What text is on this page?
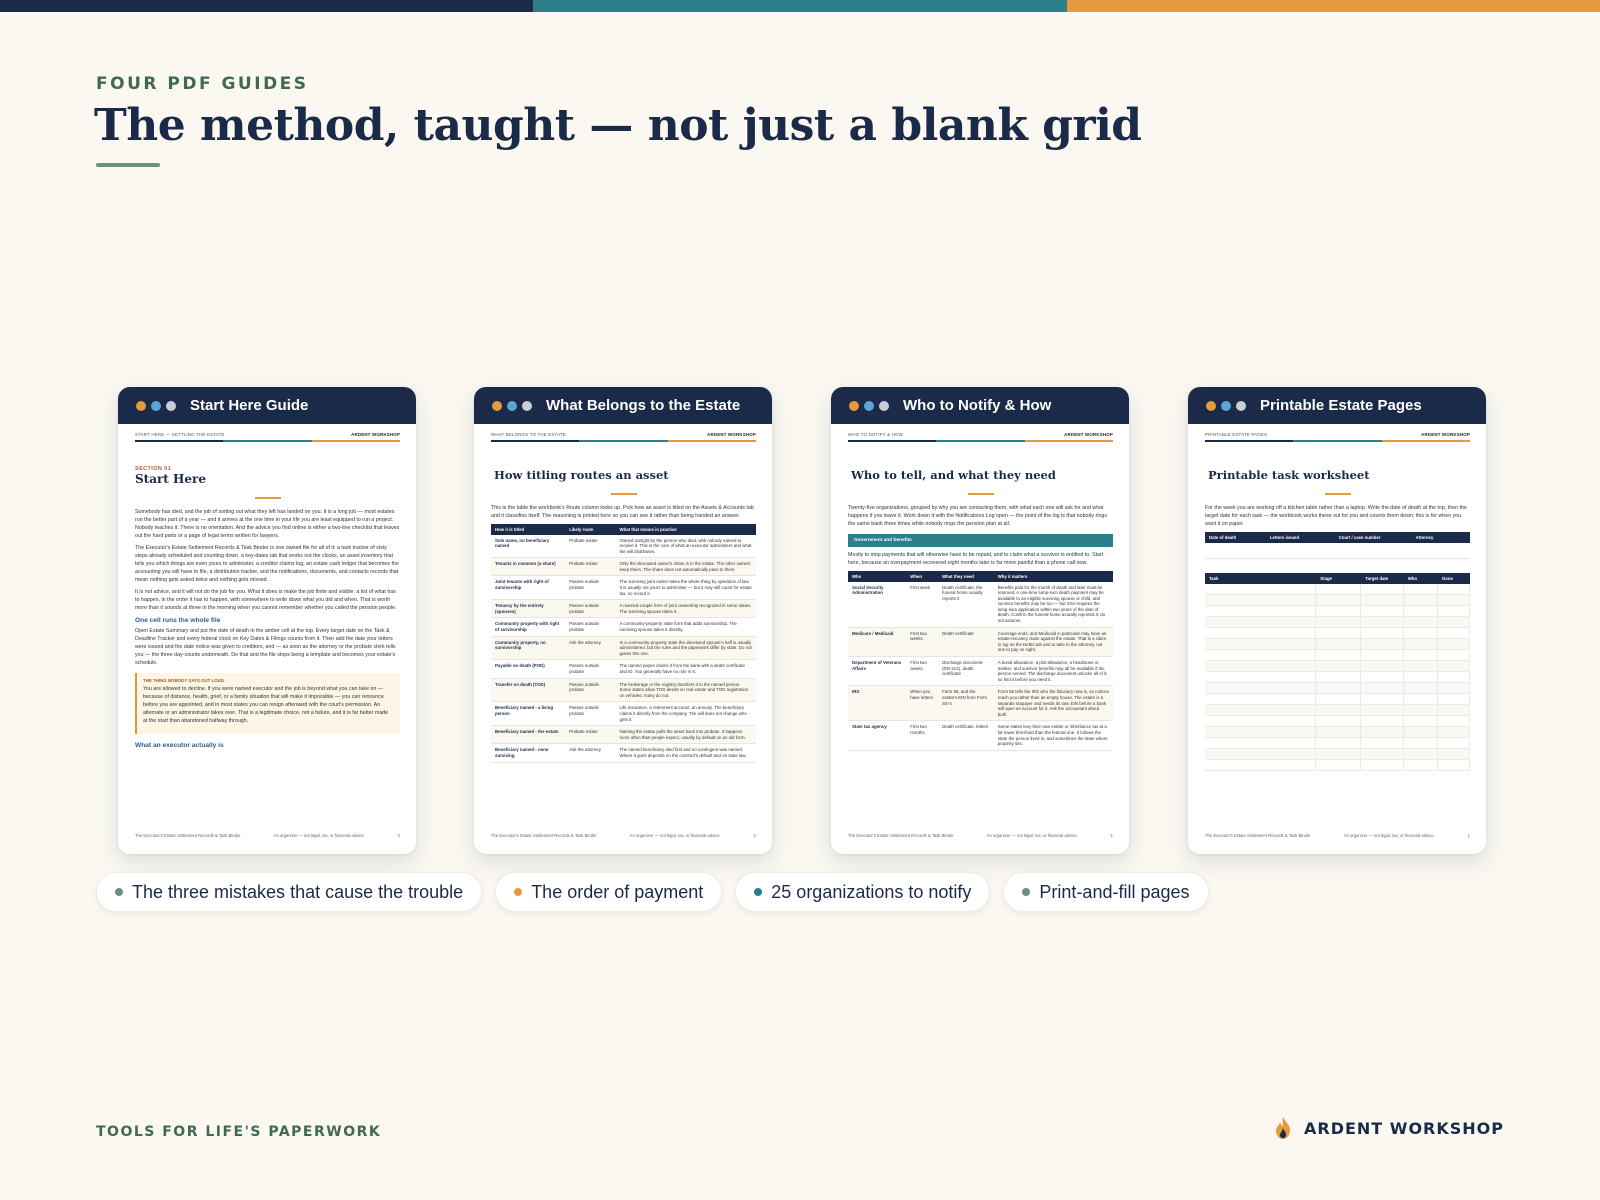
FOUR PDF GUIDES
The method, taught — not just a blank grid
Start Here Guide
START HERE — SETTLING THE ESTATE	ARDENT WORKSHOP
SECTION 01
Start Here
Somebody has died, and the job of sorting out what they left has landed on you. It is a long job — most estates run the better part of a year — and it arrives at the one time in your life you are least equipped to run a project. Nobody teaches it. There is no orientation. And the advice you find online is either a two-line checklist that leaves out the hard parts or a page of legal terms written for lawyers.
The Executor's Estate Settlement Records & Task Binder is one owned file for all of it: a task tracker of sixty steps already scheduled and counting down, a key-dates tab that works out the clocks, an asset inventory that tells you which things are even yours to administer, a creditor claims log, an estate cash ledger that becomes the accounting you will have to file, a distribution tracker, and the notifications, documents, and contacts records that mean nothing gets asked twice and nothing gets missed.
It is not advice, and it will not do the job for you. What it does is make the job finite and visible: a list of what has to happen, in the order it has to happen, with somewhere to write down what you did and when. That is worth more than it sounds at three in the morning when you cannot remember whether you called the pension people.
One cell runs the whole file
Open Estate Summary and put the date of death in the amber cell at the top. Every target date on the Task & Deadline Tracker and every federal clock on Key Dates & Filings counts from it. Then add the date your letters were issued and the date notice was given to creditors, and — as soon as the attorney or the probate clerk tells you — the three day-counts underneath. Do that and the file stops being a template and becomes your estate's schedule.
THE THING NOBODY SAYS OUT LOUD
You are allowed to decline. If you were named executor and the job is beyond what you can take on — because of distance, health, grief, or a family situation that will make it impossible — you can renounce before you are appointed, and in most states you can resign afterward with the court's permission. An alternate or an administrator takes over. That is a legitimate choice, not a failure, and it is far better made at the start than abandoned halfway through.
What an executor actually is
The Executor's Estate Settlement Records & Task Binder	An organizer — not legal, tax, or financial advice.	2
What Belongs to the Estate
WHAT BELONGS TO THE ESTATE	ARDENT WORKSHOP
How titling routes an asset
This is the table the workbook's Route column looks up. Pick how an asset is titled on the Assets & Accounts tab and it classifies itself. The reasoning is printed here so you can see it rather than being handed an answer.
How it is titled	Likely route	What that means in practice
Sole name, no beneficiary named	Probate estate	Owned outright by the person who died, with nobody named to receive it. This is the core of what an executor administers and what the will distributes.
Tenants in common (a share)	Probate estate	Only the deceased owner's share is in the estate. The other owners keep theirs. The share does not automatically pass to them.
Joint tenants with right of survivorship	Passes outside probate	The surviving joint owner takes the whole thing by operation of law. It is usually not yours to administer — but it may still count for estate tax, so record it.
Tenancy by the entirety (spouses)	Passes outside probate	A married-couple form of joint ownership recognized in some states. The surviving spouse takes it.
Community property with right of survivorship	Passes outside probate	A community-property state form that adds survivorship. The surviving spouse takes it directly.
Community property, no survivorship	Ask the attorney	In a community-property state the deceased spouse's half is usually administered, but the rules and the paperwork differ by state. Do not guess this one.
Payable on death (POD)	Passes outside probate	The named payee claims it from the bank with a death certificate and ID. You generally have no role in it.
Transfer on death (TOD)	Passes outside probate	The brokerage or the registry transfers it to the named person. Some states allow TOD deeds on real estate and TOD registration on vehicles; many do not.
Beneficiary named - a living person	Passes outside probate	Life insurance, a retirement account, an annuity. The beneficiary claims it directly from the company. The will does not change who gets it.
Beneficiary named - the estate	Probate estate	Naming the estate pulls the asset back into probate. It happens more often than people expect, usually by default on an old form.
Beneficiary named - none surviving	Ask the attorney	The named beneficiary died first and no contingent was named. Where it goes depends on the contract's default and on state law.
The Executor's Estate Settlement Records & Task Binder	An organizer — not legal, tax, or financial advice.	2
Who to Notify & How
WHO TO NOTIFY & HOW	ARDENT WORKSHOP
Who to tell, and what they need
Twenty-five organizations, grouped by why you are contacting them, with what each one will ask for and what happens if you leave it. Work down it with the Notifications Log open — the point of the log is that nobody rings the same bank three times while nobody rings the pension plan at all.
Government and benefits
Mostly to stop payments that will otherwise have to be repaid, and to claim what a survivor is entitled to. Start here, because an overpayment recovered eight months later is far more painful than a phone call now.
Who	When	What they need	Why it matters
Social Security Administration	First week	Death certificate; the funeral home usually reports it	Benefits paid for the month of death and later must be returned. A one-time lump-sum death payment may be available to an eligible surviving spouse or child, and survivor benefits may be too — but SSA requires the lump-sum application within two years of the date of death. Confirm the funeral home actually reported it; do not assume.
Medicare / Medicaid	First two weeks	Death certificate	Coverage ends, and Medicaid in particular may have an estate-recovery claim against the estate. That is a claim to log on the Debts tab and to take to the attorney, not one to pay on sight.
Department of Veterans Affairs	First two weeks	Discharge document (DD-214), death certificate	A burial allowance, a plot allowance, a headstone or marker, and survivor benefits may all be available if the person served. The discharge document unlocks all of it, so find it before you need it.
IRS	When you have letters	Form 56, and the estate's EIN from Form SS-4	Form 56 tells the IRS who the fiduciary now is, so notices reach you rather than an empty house. The estate is a separate taxpayer and needs its own EIN before a bank will open an account for it. Ask the accountant about both.
State tax agency	First two months	Death certificate, letters	Some states levy their own estate or inheritance tax at a far lower threshold than the federal one. It follows the state the person lived in, and sometimes the state where property sits.
The Executor's Estate Settlement Records & Task Binder	An organizer — not legal, tax, or financial advice.	1
Printable Estate Pages
PRINTABLE ESTATE PAGES	ARDENT WORKSHOP
Printable task worksheet
For the week you are working off a kitchen table rather than a laptop. Write the date of death at the top, then the target date for each task — the workbook works these out for you and counts them down; this is for when you want it on paper.
Date of death	Letters issued	Court / case number	Attorney

Task	Stage	Target date	Who	Done
The Executor's Estate Settlement Records & Task Binder	An organizer — not legal, tax, or financial advice.	1
The three mistakes that cause the trouble	The order of payment	25 organizations to notify	Print-and-fill pages
TOOLS FOR LIFE'S PAPERWORK	ARDENT WORKSHOP
